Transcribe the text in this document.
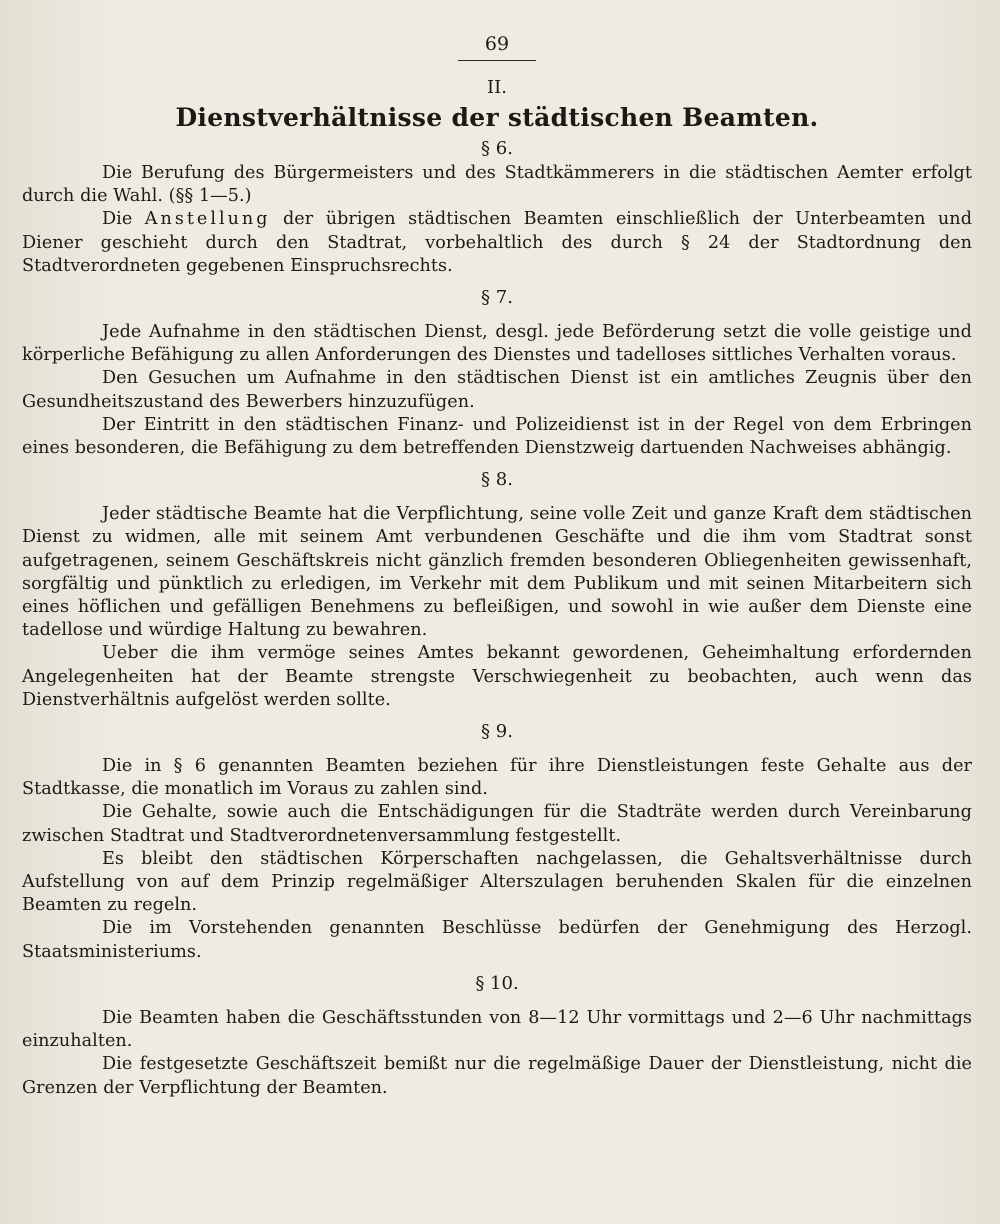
69
II.
Dienstverhältnisse der städtischen Beamten.
§ 6.

Die Berufung des Bürgermeisters und des Stadtkämmerers in die städtischen Aemter erfolgt durch die Wahl. (§§ 1—5.)

Die Anstellung der übrigen städtischen Beamten einschließlich der Unterbeamten und Diener geschieht durch den Stadtrat, vorbehaltlich des durch § 24 der Stadtordnung den Stadtverordneten gegebenen Einspruchsrechts.

§ 7.

Jede Aufnahme in den städtischen Dienst, desgl. jede Beförderung setzt die volle geistige und körperliche Befähigung zu allen Anforderungen des Dienstes und tadelloses sittliches Verhalten voraus.

Den Gesuchen um Aufnahme in den städtischen Dienst ist ein amtliches Zeugnis über den Gesundheitszustand des Bewerbers hinzuzufügen.

Der Eintritt in den städtischen Finanz- und Polizeidienst ist in der Regel von dem Erbringen eines besonderen, die Befähigung zu dem betreffenden Dienstzweig dartuenden Nachweises abhängig.

§ 8.

Jeder städtische Beamte hat die Verpflichtung, seine volle Zeit und ganze Kraft dem städtischen Dienst zu widmen, alle mit seinem Amt verbundenen Geschäfte und die ihm vom Stadtrat sonst aufgetragenen, seinem Geschäftskreis nicht gänzlich fremden besonderen Obliegenheiten gewissenhaft, sorgfältig und pünktlich zu erledigen, im Verkehr mit dem Publikum und mit seinen Mitarbeitern sich eines höflichen und gefälligen Benehmens zu befleißigen, und sowohl in wie außer dem Dienste eine tadellose und würdige Haltung zu bewahren.

Ueber die ihm vermöge seines Amtes bekannt gewordenen, Geheimhaltung erfordernden Angelegenheiten hat der Beamte strengste Verschwiegenheit zu beobachten, auch wenn das Dienstverhältnis aufgelöst werden sollte.

§ 9.

Die in § 6 genannten Beamten beziehen für ihre Dienstleistungen feste Gehalte aus der Stadtkasse, die monatlich im Voraus zu zahlen sind.

Die Gehalte, sowie auch die Entschädigungen für die Stadträte werden durch Vereinbarung zwischen Stadtrat und Stadtverordnetenversammlung festgestellt.

Es bleibt den städtischen Körperschaften nachgelassen, die Gehaltsverhältnisse durch Aufstellung von auf dem Prinzip regelmäßiger Alterszulagen beruhenden Skalen für die einzelnen Beamten zu regeln.

Die im Vorstehenden genannten Beschlüsse bedürfen der Genehmigung des Herzogl. Staatsministeriums.

§ 10.

Die Beamten haben die Geschäftsstunden von 8—12 Uhr vormittags und 2—6 Uhr nachmittags einzuhalten.

Die festgesetzte Geschäftszeit bemißt nur die regelmäßige Dauer der Dienstleistung, nicht die Grenzen der Verpflichtung der Beamten.
